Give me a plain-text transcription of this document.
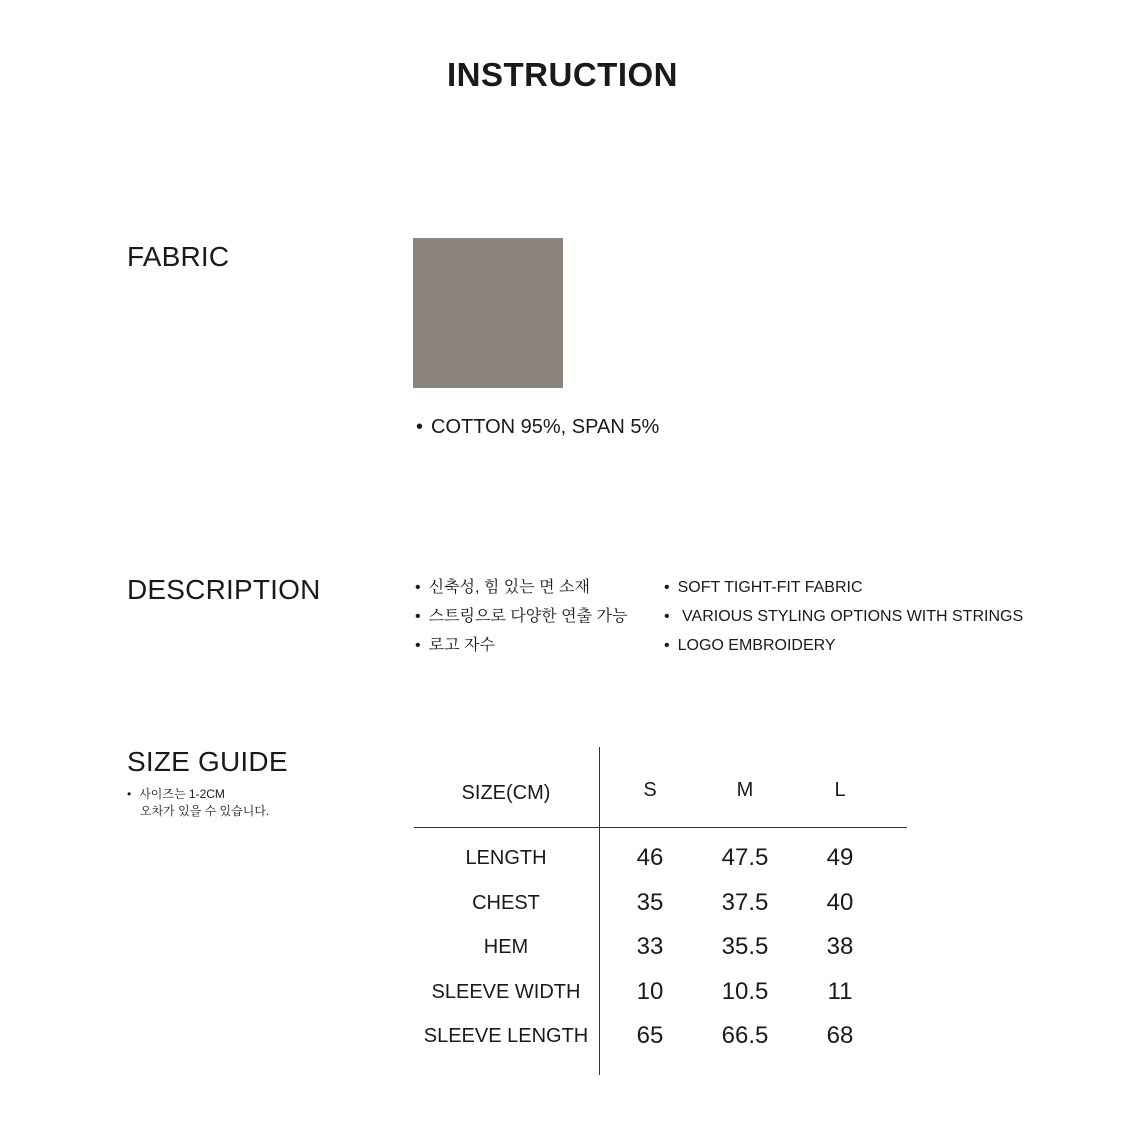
INSTRUCTION
FABRIC
• COTTON 95%, SPAN 5%
DESCRIPTION	• 신축성, 힘 있는 면 소재
• 스트링으로 다양한 연출 가능
• 로고 자수
• SOFT TIGHT-FIT FABRIC
• VARIOUS STYLING OPTIONS WITH STRINGS
• LOGO EMBROIDERY
SIZE GUIDE
• 사이즈는 1-2CM
오차가 있을 수 있습니다.
SIZE(CM)	S	M	L
LENGTH	46	47.5	49
CHEST	35	37.5	40
HEM	33	35.5	38
SLEEVE WIDTH	10	10.5	11
SLEEVE LENGTH	65	66.5	68
